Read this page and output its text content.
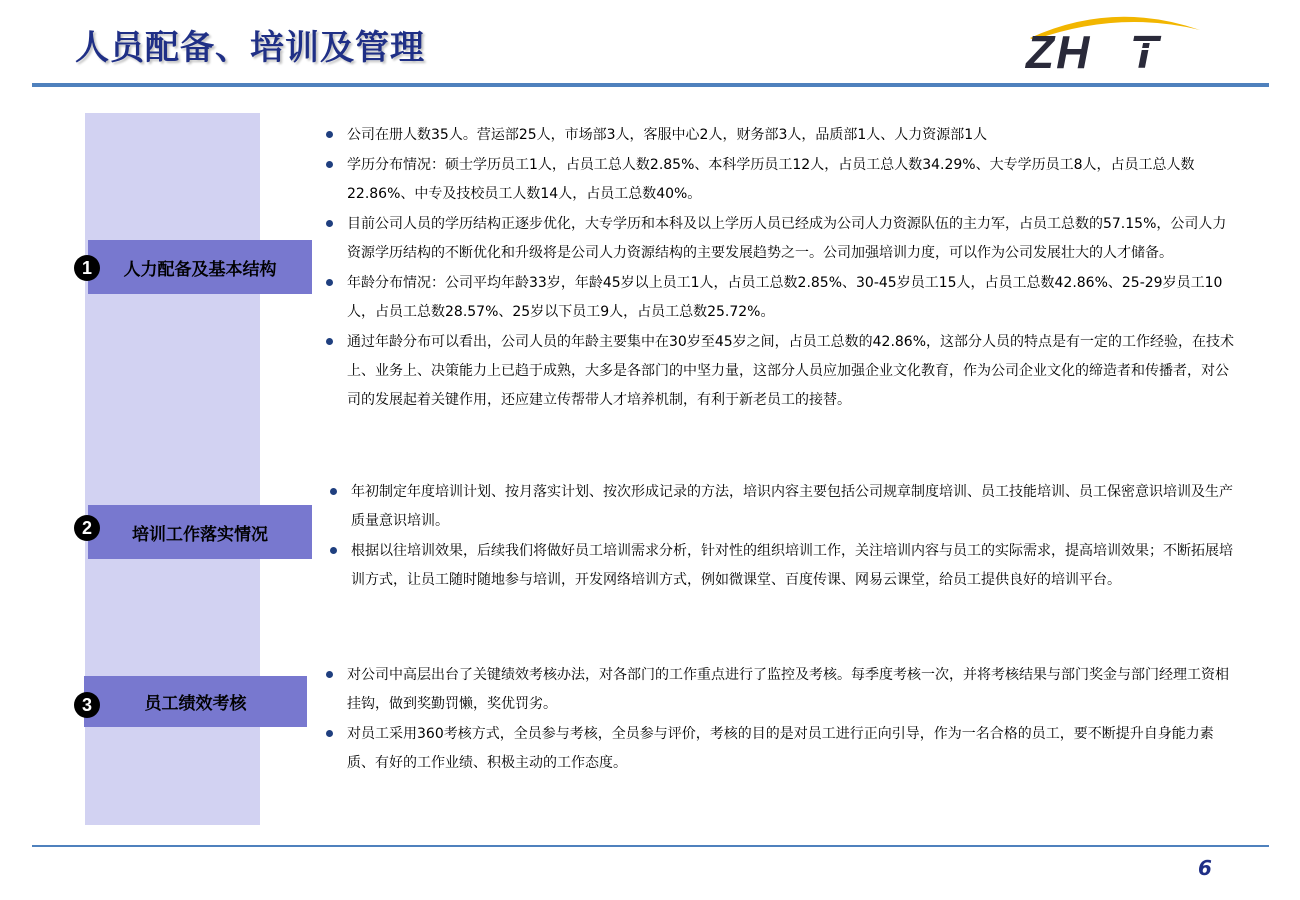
人员配备、培训及管理	ZH T
人力配备及基本结构
1
公司在册人数35人。营运部25人，市场部3人，客服中心2人，财务部3人，品质部1人、人力资源部1人
学历分布情况：硕士学历员工1人，占员工总人数2.85%、本科学历员工12人，占员工总人数34.29%、大专学历员工8人，占员工总人数22.86%、中专及技校员工人数14人，占员工总数40%。
目前公司人员的学历结构正逐步优化，大专学历和本科及以上学历人员已经成为公司人力资源队伍的主力军，占员工总数的57.15%，公司人力资源学历结构的不断优化和升级将是公司人力资源结构的主要发展趋势之一。公司加强培训力度，可以作为公司发展壮大的人才储备。
年龄分布情况：公司平均年龄33岁，年龄45岁以上员工1人，占员工总数2.85%、30-45岁员工15人，占员工总数42.86%、25-29岁员工10人，占员工总数28.57%、25岁以下员工9人，占员工总数25.72%。
通过年龄分布可以看出，公司人员的年龄主要集中在30岁至45岁之间，占员工总数的42.86%，这部分人员的特点是有一定的工作经验，在技术上、业务上、决策能力上已趋于成熟，大多是各部门的中坚力量，这部分人员应加强企业文化教育，作为公司企业文化的缔造者和传播者，对公司的发展起着关键作用，还应建立传帮带人才培养机制，有利于新老员工的接替。
培训工作落实情况
2
年初制定年度培训计划、按月落实计划、按次形成记录的方法，培识内容主要包括公司规章制度培训、员工技能培训、员工保密意识培训及生产质量意识培训。
根据以往培训效果，后续我们将做好员工培训需求分析，针对性的组织培训工作，关注培训内容与员工的实际需求，提高培训效果；不断拓展培训方式，让员工随时随地参与培训，开发网络培训方式，例如微课堂、百度传课、网易云课堂，给员工提供良好的培训平台。
员工绩效考核
3
对公司中高层出台了关键绩效考核办法，对各部门的工作重点进行了监控及考核。每季度考核一次，并将考核结果与部门奖金与部门经理工资相挂钩，做到奖勤罚懒，奖优罚劣。
对员工采用360考核方式，全员参与考核，全员参与评价，考核的目的是对员工进行正向引导，作为一名合格的员工，要不断提升自身能力素质、有好的工作业绩、积极主动的工作态度。
6
